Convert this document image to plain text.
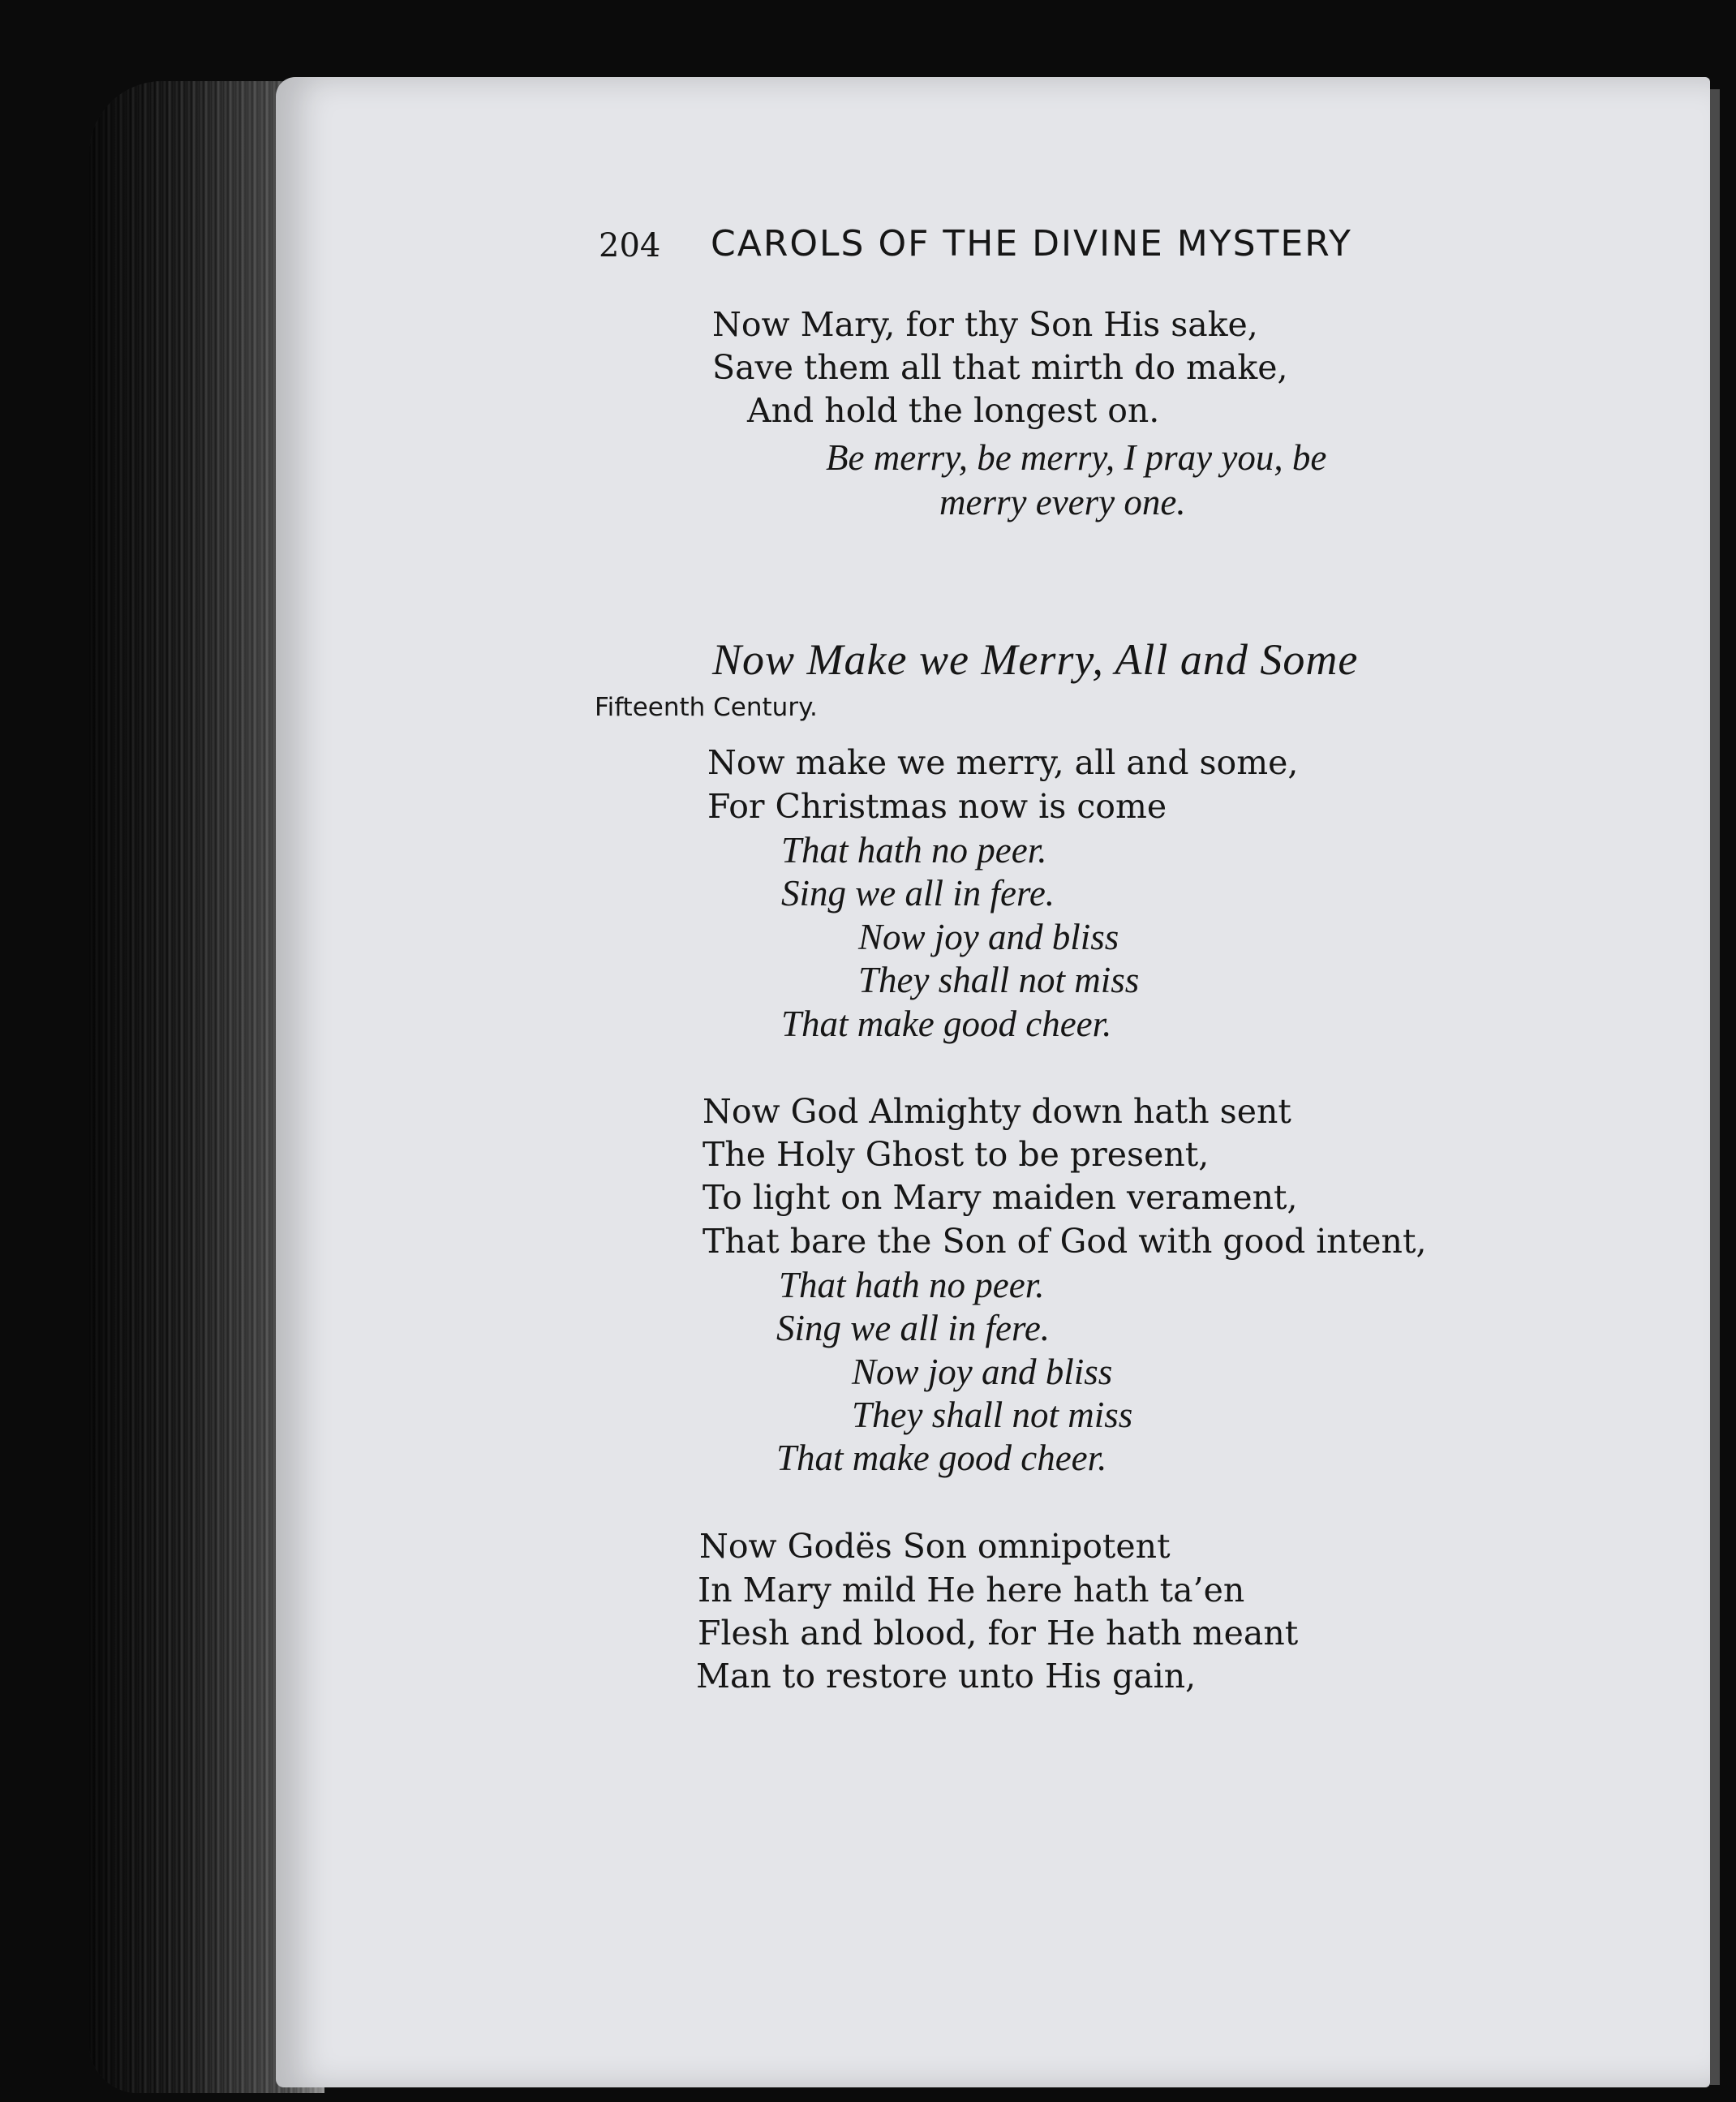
204 CAROLS OF THE DIVINE MYSTERY
Now Mary, for thy Son His sake,
Save them all that mirth do make,
And hold the longest on.
Be merry, be merry, I pray you, be
merry every one.
Now Make we Merry, All and Some
Fifteenth Century.
Now make we merry, all and some,
For Christmas now is come
That hath no peer.
Sing we all in fere.
Now joy and bliss
They shall not miss
That make good cheer.
Now God Almighty down hath sent
The Holy Ghost to be present,
To light on Mary maiden verament,
That bare the Son of God with good intent,
That hath no peer.
Sing we all in fere.
Now joy and bliss
They shall not miss
That make good cheer.
Now Godës Son omnipotent
In Mary mild He here hath ta’en
Flesh and blood, for He hath meant
Man to restore unto His gain,
